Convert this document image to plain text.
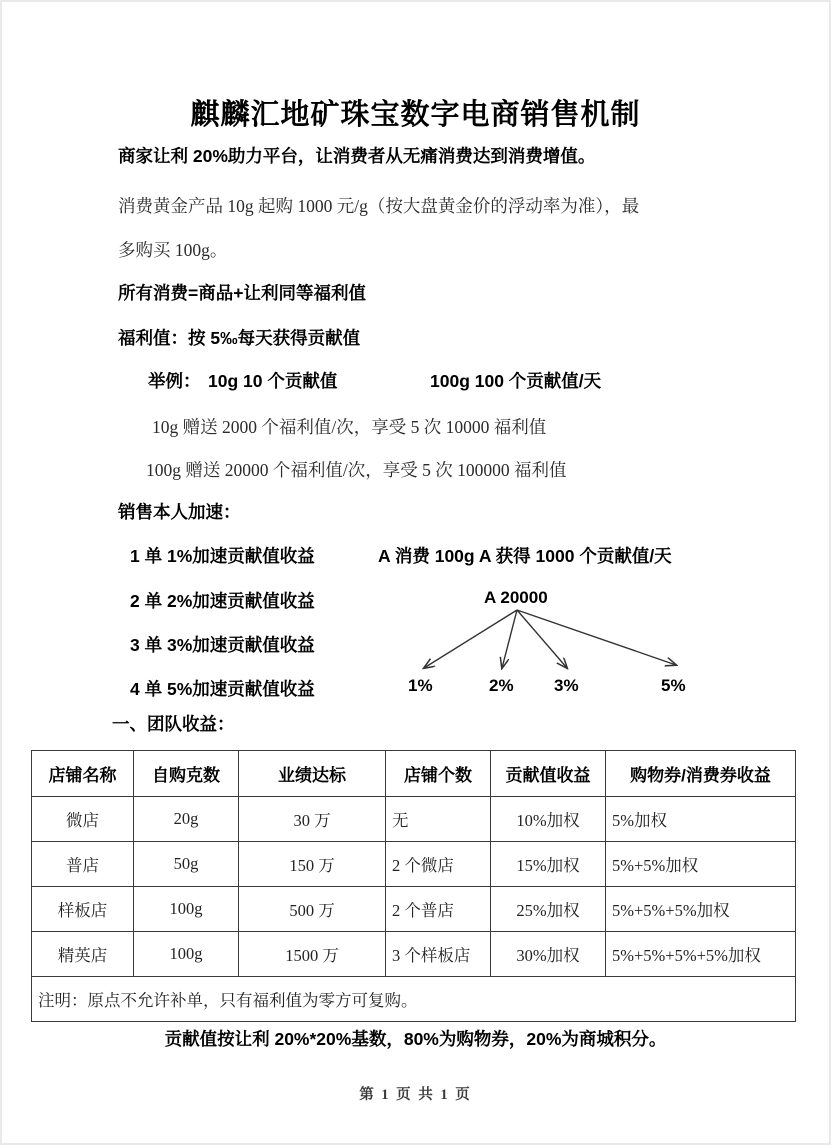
麒麟汇地矿珠宝数字电商销售机制
商家让利 20%助力平台，让消费者从无痛消费达到消费增值。
消费黄金产品 10g 起购 1000 元/g（按大盘黄金价的浮动率为准），最
多购买 100g。
所有消费=商品+让利同等福利值
福利值：按 5‰每天获得贡献值
举例： 10g 10 个贡献值	100g 100 个贡献值/天
10g 赠送 2000 个福利值/次，享受 5 次 10000 福利值
100g 赠送 20000 个福利值/次，享受 5 次 100000 福利值
销售本人加速：
1 单 1%加速贡献值收益
2 单 2%加速贡献值收益
3 单 3%加速贡献值收益
4 单 5%加速贡献值收益
A 消费 100g A 获得 1000 个贡献值/天
A 20000
1%	2% 3%	5%
一、团队收益：
店铺名称	自购克数	业绩达标	店铺个数	贡献值收益	购物券/消费券收益
微店	20g	30 万	无	10%加权	5%加权
普店	50g	150 万	2 个微店	15%加权	5%+5%加权
样板店	100g	500 万	2 个普店	25%加权	5%+5%+5%加权
精英店	100g	1500 万	3 个样板店	30%加权	5%+5%+5%+5%加权
注明：原点不允许补单，只有福利值为零方可复购。					
贡献值按让利 20%*20%基数，80%为购物券，20%为商城积分。
第 1 页 共 1 页
